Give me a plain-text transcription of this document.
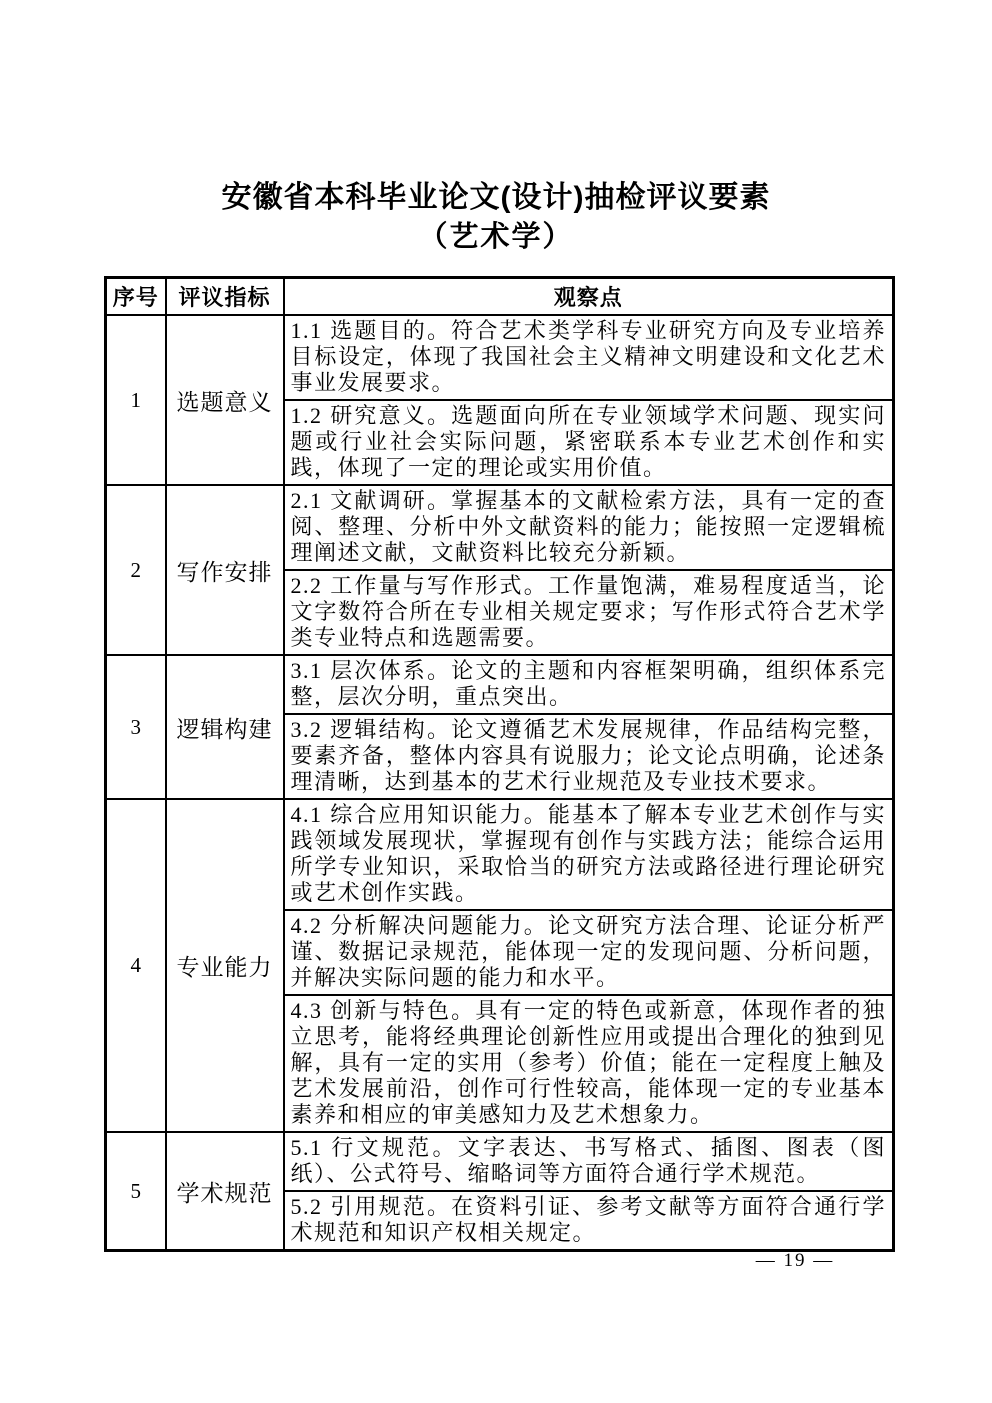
安徽省本科毕业论文(设计)抽检评议要素
（艺术学）
序号	评议指标	观察点
1	选题意义	1.1 选题目的。符合艺术类学科专业研究方向及专业培养目标设定，体现了我国社会主义精神文明建设和文化艺术事业发展要求。
		1.2 研究意义。选题面向所在专业领域学术问题、现实问题或行业社会实际问题，紧密联系本专业艺术创作和实践，体现了一定的理论或实用价值。
2	写作安排	2.1 文献调研。掌握基本的文献检索方法，具有一定的查阅、整理、分析中外文献资料的能力；能按照一定逻辑梳理阐述文献，文献资料比较充分新颖。
		2.2 工作量与写作形式。工作量饱满，难易程度适当，论文字数符合所在专业相关规定要求；写作形式符合艺术学类专业特点和选题需要。
3	逻辑构建	3.1 层次体系。论文的主题和内容框架明确，组织体系完整，层次分明，重点突出。
		3.2 逻辑结构。论文遵循艺术发展规律，作品结构完整，要素齐备，整体内容具有说服力；论文论点明确，论述条理清晰，达到基本的艺术行业规范及专业技术要求。
4	专业能力	4.1 综合应用知识能力。能基本了解本专业艺术创作与实践领域发展现状，掌握现有创作与实践方法；能综合运用所学专业知识，采取恰当的研究方法或路径进行理论研究或艺术创作实践。
		4.2 分析解决问题能力。论文研究方法合理、论证分析严谨、数据记录规范，能体现一定的发现问题、分析问题，并解决实际问题的能力和水平。
		4.3 创新与特色。具有一定的特色或新意，体现作者的独立思考，能将经典理论创新性应用或提出合理化的独到见解，具有一定的实用（参考）价值；能在一定程度上触及艺术发展前沿，创作可行性较高，能体现一定的专业基本素养和相应的审美感知力及艺术想象力。
5	学术规范	5.1 行文规范。文字表达、书写格式、插图、图表（图纸）、公式符号、缩略词等方面符合通行学术规范。
		5.2 引用规范。在资料引证、参考文献等方面符合通行学术规范和知识产权相关规定。
— 19 —
